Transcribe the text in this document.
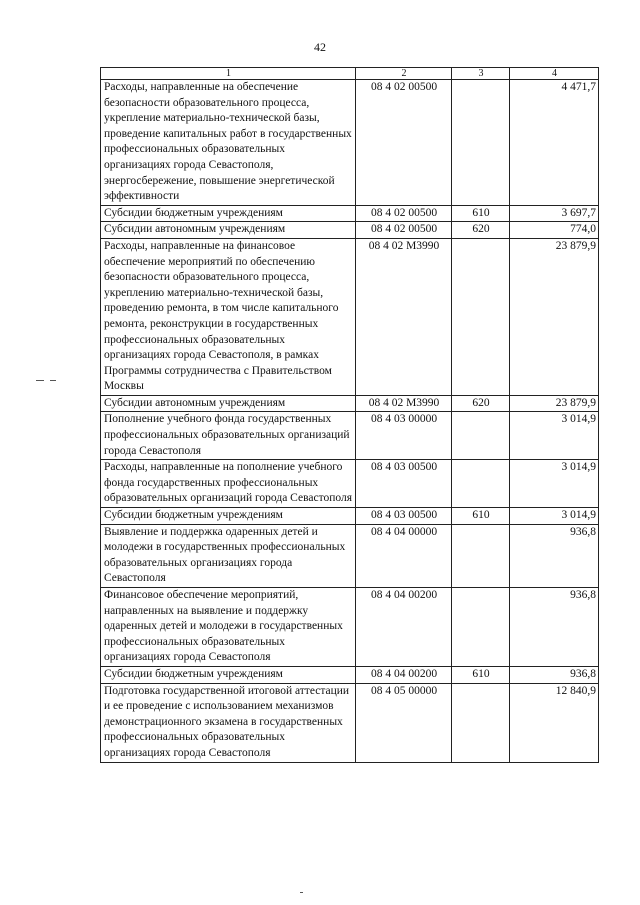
42
1	2	3	4
Расходы, направленные на обеспечение безопасности образовательного процесса, укрепление материально-технической базы, проведение капитальных работ в государственных профессиональных образовательных организациях города Севастополя, энергосбережение, повышение энергетической эффективности	08 4 02 00500		4 471,7
Субсидии бюджетным учреждениям	08 4 02 00500	610	3 697,7
Субсидии автономным учреждениям	08 4 02 00500	620	774,0
Расходы, направленные на финансовое обеспечение мероприятий по обеспечению безопасности образовательного процесса, укреплению материально-технической базы, проведению ремонта, в том числе капитального ремонта, реконструкции в государственных профессиональных образовательных организациях города Севастополя, в рамках Программы сотрудничества с Правительством Москвы	08 4 02 M3990		23 879,9
Субсидии автономным учреждениям	08 4 02 M3990	620	23 879,9
Пополнение учебного фонда государственных профессиональных образовательных организаций города Севастополя	08 4 03 00000		3 014,9
Расходы, направленные на пополнение учебного фонда государственных профессиональных образовательных организаций города Севастополя	08 4 03 00500		3 014,9
Субсидии бюджетным учреждениям	08 4 03 00500	610	3 014,9
Выявление и поддержка одаренных детей и молодежи в государственных профессиональных образовательных организациях города Севастополя	08 4 04 00000		936,8
Финансовое обеспечение мероприятий, направленных на выявление и поддержку одаренных детей и молодежи в государственных профессиональных образовательных организациях города Севастополя	08 4 04 00200		936,8
Субсидии бюджетным учреждениям	08 4 04 00200	610	936,8
Подготовка государственной итоговой аттестации и ее проведение с использованием механизмов демонстрационного экзамена в государственных профессиональных образовательных организациях города Севастополя	08 4 05 00000		12 840,9
